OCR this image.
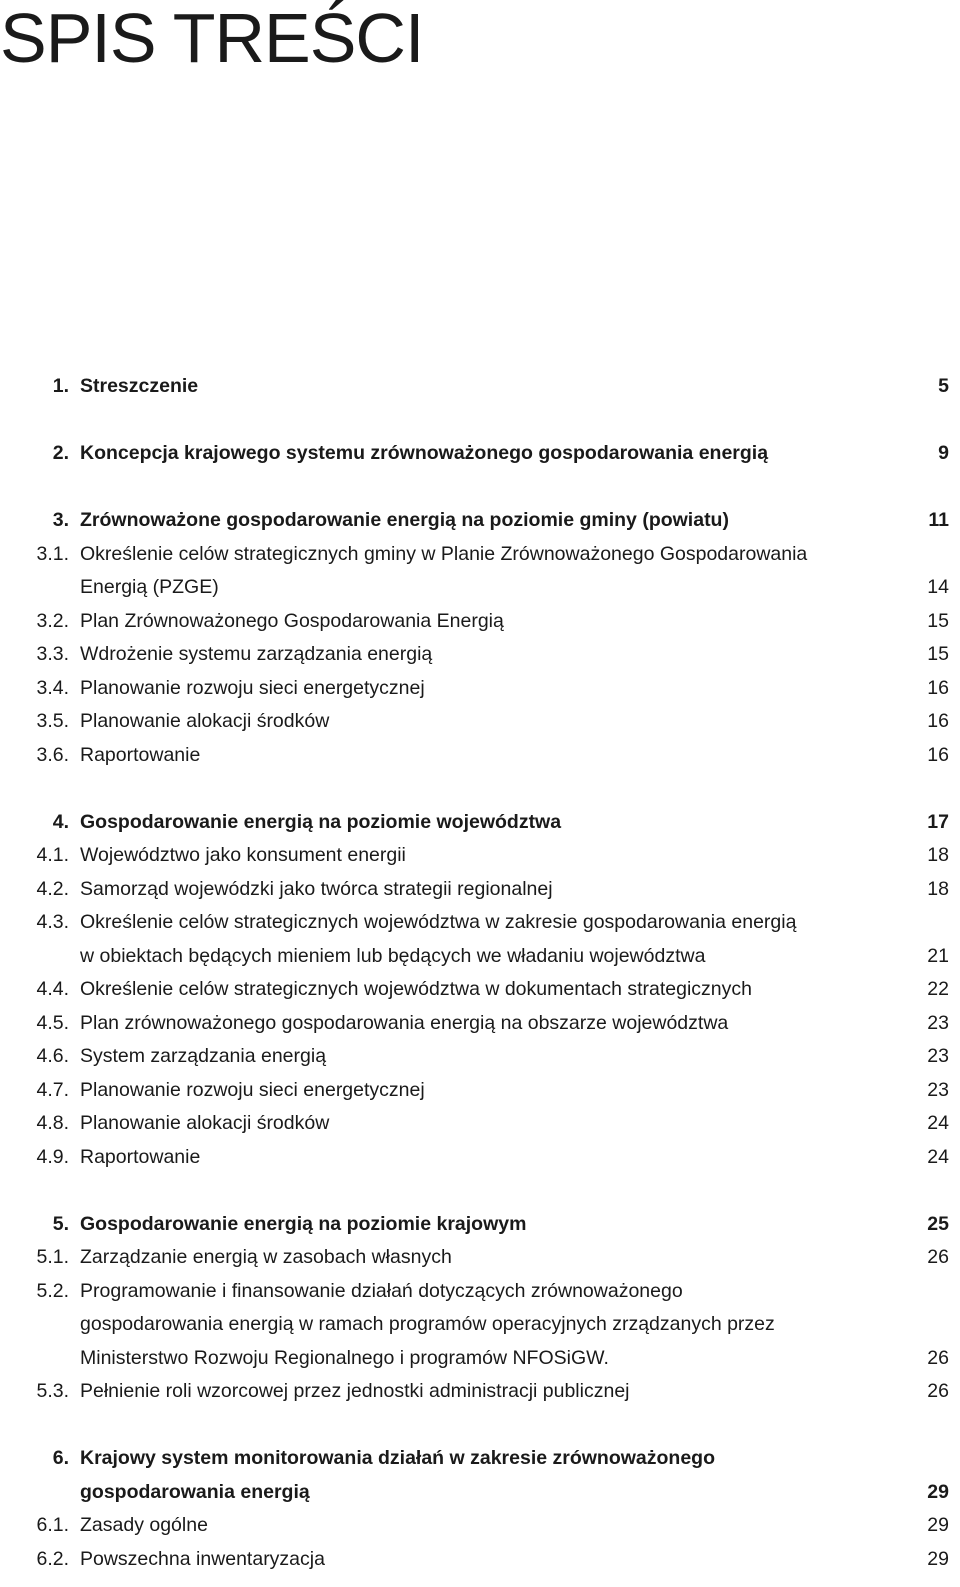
SPIS TREŚCI
1. Streszczenie	5
2. Koncepcja krajowego systemu zrównoważonego gospodarowania energią	9
3. Zrównoważone gospodarowanie energią na poziomie gminy (powiatu)	11
3.1. Określenie celów strategicznych gminy w Planie Zrównoważonego Gospodarowania
Energią (PZGE)	14
3.2. Plan Zrównoważonego Gospodarowania Energią	15
3.3. Wdrożenie systemu zarządzania energią	15
3.4. Planowanie rozwoju sieci energetycznej	16
3.5. Planowanie alokacji środków	16
3.6. Raportowanie	16
4. Gospodarowanie energią na poziomie województwa	17
4.1. Województwo jako konsument energii	18
4.2. Samorząd wojewódzki jako twórca strategii regionalnej	18
4.3. Określenie celów strategicznych województwa w zakresie gospodarowania energią
w obiektach będących mieniem lub będących we władaniu województwa	21
4.4. Określenie celów strategicznych województwa w dokumentach strategicznych	22
4.5. Plan zrównoważonego gospodarowania energią na obszarze województwa	23
4.6. System zarządzania energią	23
4.7. Planowanie rozwoju sieci energetycznej	23
4.8. Planowanie alokacji środków	24
4.9. Raportowanie	24
5. Gospodarowanie energią na poziomie krajowym	25
5.1. Zarządzanie energią w zasobach własnych	26
5.2. Programowanie i finansowanie działań dotyczących zrównoważonego
gospodarowania energią w ramach programów operacyjnych zrządzanych przez
Ministerstwo Rozwoju Regionalnego i programów NFOSiGW.	26
5.3. Pełnienie roli wzorcowej przez jednostki administracji publicznej	26
6. Krajowy system monitorowania działań w zakresie zrównoważonego
gospodarowania energią	29
6.1. Zasady ogólne	29
6.2. Powszechna inwentaryzacja	29
